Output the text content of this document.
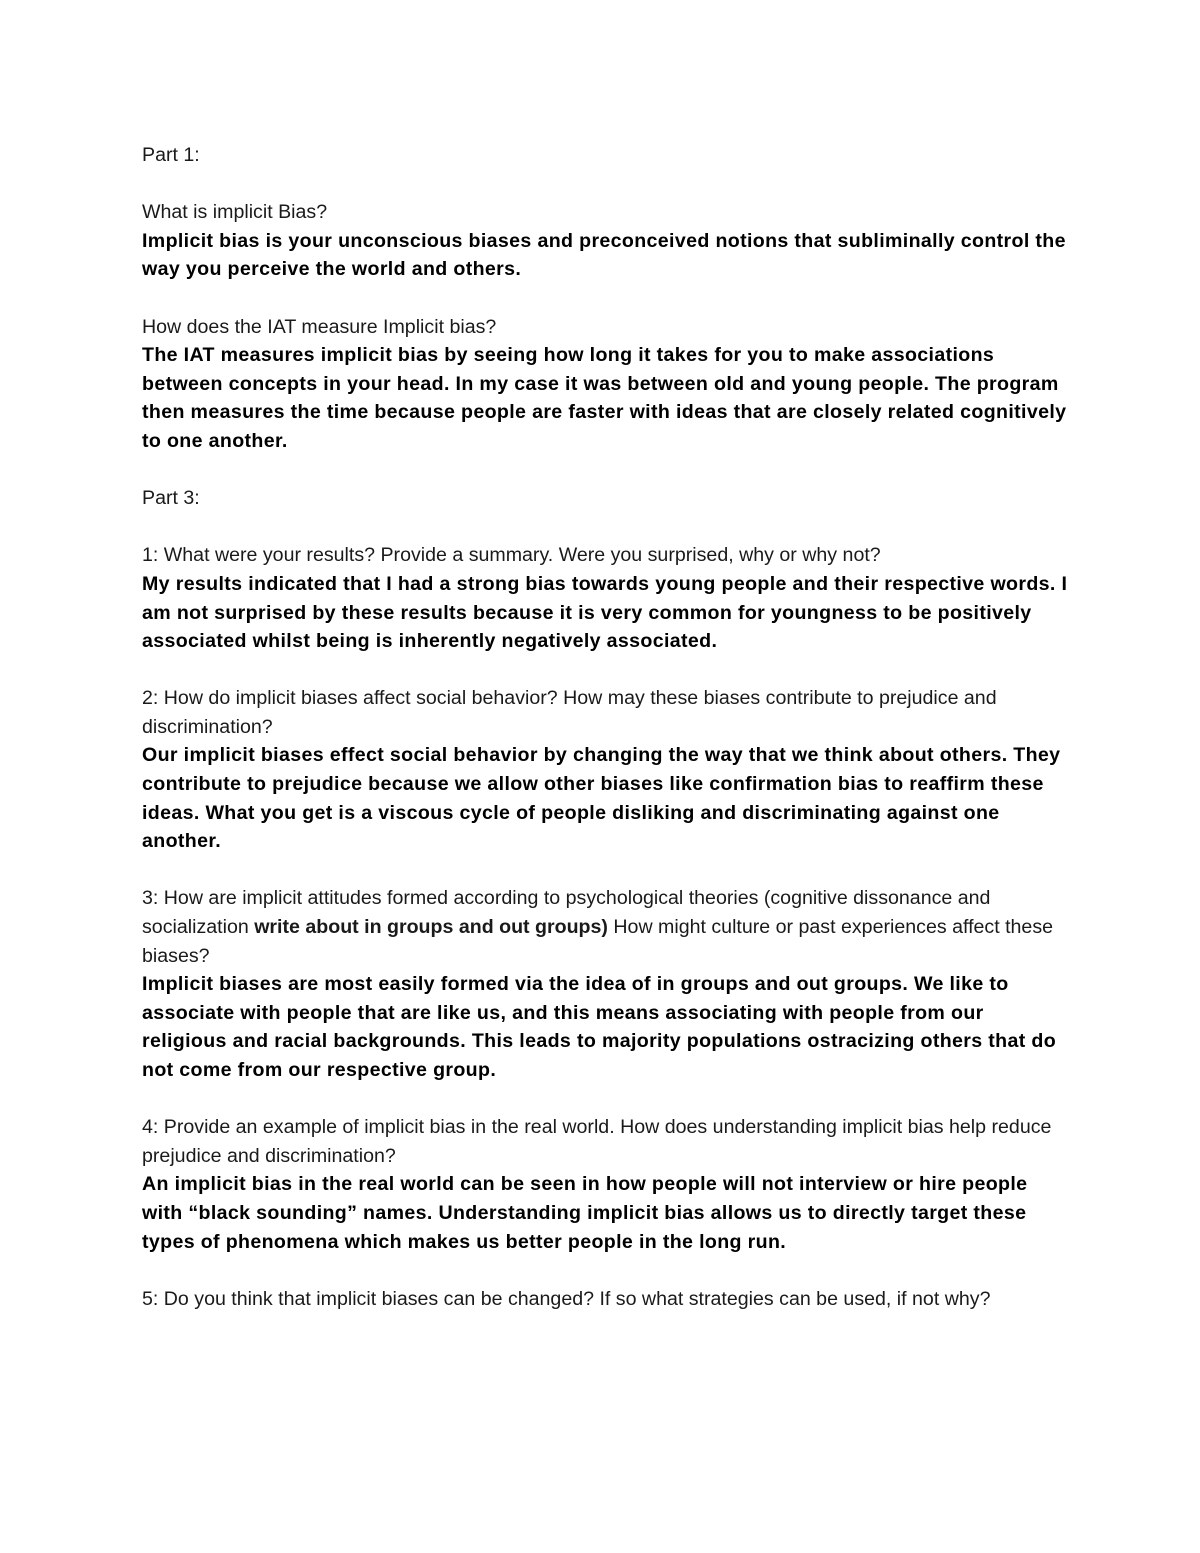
Part 1:

What is implicit Bias?

Implicit bias is your unconscious biases and preconceived notions that subliminally control the way you perceive the world and others.

How does the IAT measure Implicit bias?

The IAT measures implicit bias by seeing how long it takes for you to make associations between concepts in your head. In my case it was between old and young people. The program then measures the time because people are faster with ideas that are closely related cognitively to one another.

Part 3:

1: What were your results? Provide a summary. Were you surprised, why or why not?

My results indicated that I had a strong bias towards young people and their respective words. I am not surprised by these results because it is very common for youngness to be positively associated whilst being is inherently negatively associated.

2: How do implicit biases affect social behavior? How may these biases contribute to prejudice and discrimination?

Our implicit biases effect social behavior by changing the way that we think about others. They contribute to prejudice because we allow other biases like confirmation bias to reaffirm these ideas. What you get is a viscous cycle of people disliking and discriminating against one another.

3: How are implicit attitudes formed according to psychological theories (cognitive dissonance and socialization write about in groups and out groups) How might culture or past experiences affect these biases?

Implicit biases are most easily formed via the idea of in groups and out groups. We like to associate with people that are like us, and this means associating with people from our religious and racial backgrounds. This leads to majority populations ostracizing others that do not come from our respective group.

4: Provide an example of implicit bias in the real world. How does understanding implicit bias help reduce prejudice and discrimination?

An implicit bias in the real world can be seen in how people will not interview or hire people with “black sounding” names. Understanding implicit bias allows us to directly target these types of phenomena which makes us better people in the long run.

5: Do you think that implicit biases can be changed? If so what strategies can be used, if not why?
